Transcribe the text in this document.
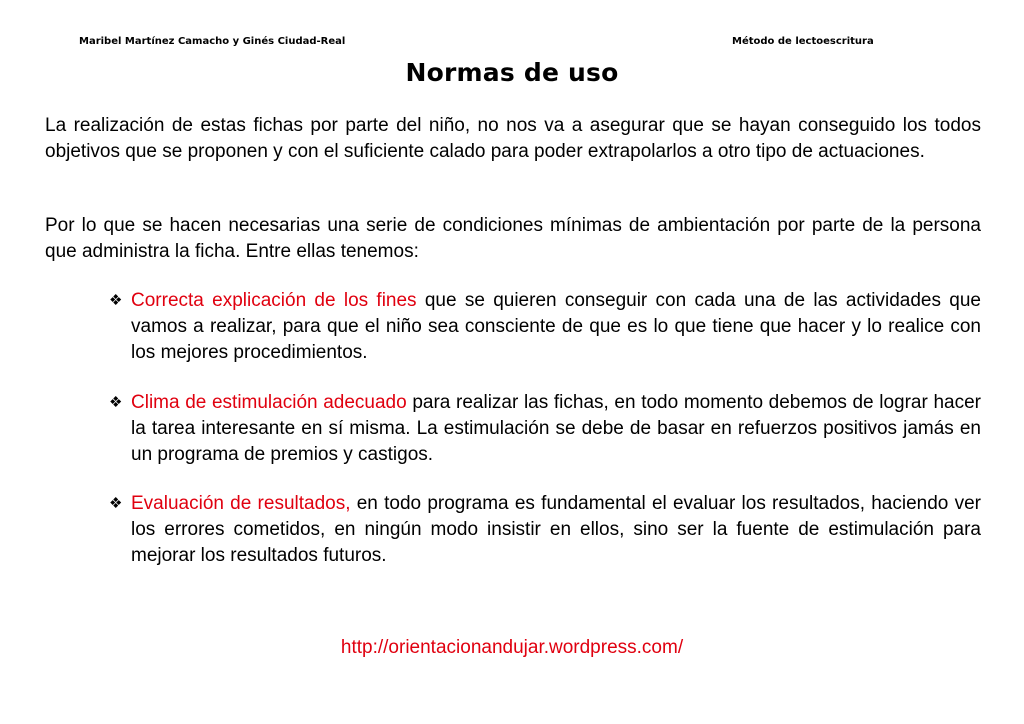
Maribel Martínez Camacho y Ginés Ciudad-Real	Método de lectoescritura
Normas de uso

La realización de estas fichas por parte del niño, no nos va a asegurar que se hayan conseguido los todos objetivos que se proponen y con el suficiente calado para poder extrapolarlos a otro tipo de actuaciones.

Por lo que se hacen necesarias una serie de condiciones mínimas de ambientación por parte de la persona que administra la ficha. Entre ellas tenemos:

❖ Correcta explicación de los fines que se quieren conseguir con cada una de las actividades que vamos a realizar, para que el niño sea consciente de que es lo que tiene que hacer y lo realice con los mejores procedimientos.

❖ Clima de estimulación adecuado para realizar las fichas, en todo momento debemos de lograr hacer la tarea interesante en sí misma. La estimulación se debe de basar en refuerzos positivos jamás en un programa de premios y castigos.

❖ Evaluación de resultados, en todo programa es fundamental el evaluar los resultados, haciendo ver los errores cometidos, en ningún modo insistir en ellos, sino ser la fuente de estimulación para mejorar los resultados futuros.

http://orientacionandujar.wordpress.com/
